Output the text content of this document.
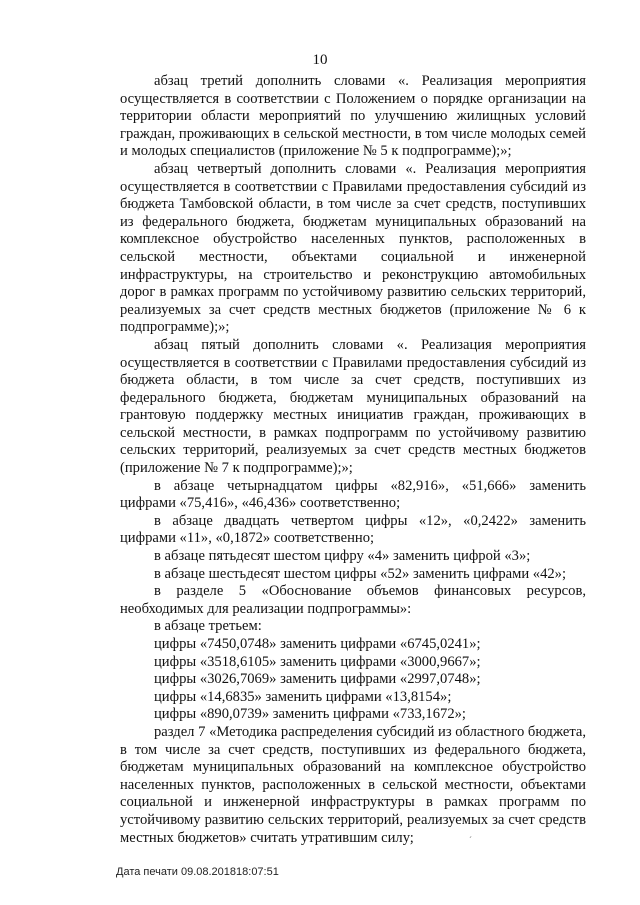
10

абзац третий дополнить словами «. Реализация мероприятия осуществляется в соответствии с Положением о порядке организации на территории области мероприятий по улучшению жилищных условий граждан, проживающих в сельской местности, в том числе молодых семей и молодых специалистов (приложение № 5 к подпрограмме);»;

абзац четвертый дополнить словами «. Реализация мероприятия осуществляется в соответствии с Правилами предоставления субсидий из бюджета Тамбовской области, в том числе за счет средств, поступивших из федерального бюджета, бюджетам муниципальных образований на комплексное обустройство населенных пунктов, расположенных в сельской местности, объектами социальной и инженерной инфраструктуры, на строительство и реконструкцию автомобильных дорог в рамках программ по устойчивому развитию сельских территорий, реализуемых за счет средств местных бюджетов (приложение № 6 к подпрограмме);»;

абзац пятый дополнить словами «. Реализация мероприятия осуществляется в соответствии с Правилами предоставления субсидий из бюджета области, в том числе за счет средств, поступивших из федерального бюджета, бюджетам муниципальных образований на грантовую поддержку местных инициатив граждан, проживающих в сельской местности, в рамках подпрограмм по устойчивому развитию сельских территорий, реализуемых за счет средств местных бюджетов (приложение № 7 к подпрограмме);»;

в абзаце четырнадцатом цифры «82,916», «51,666» заменить цифрами «75,416», «46,436» соответственно;

в абзаце двадцать четвертом цифры «12», «0,2422» заменить цифрами «11», «0,1872» соответственно;

в абзаце пятьдесят шестом цифру «4» заменить цифрой «3»;

в абзаце шестьдесят шестом цифры «52» заменить цифрами «42»;

в разделе 5 «Обоснование объемов финансовых ресурсов, необходимых для реализации подпрограммы»:

в абзаце третьем:

цифры «7450,0748» заменить цифрами «6745,0241»;

цифры «3518,6105» заменить цифрами «3000,9667»;

цифры «3026,7069» заменить цифрами «2997,0748»;

цифры «14,6835» заменить цифрами «13,8154»;

цифры «890,0739» заменить цифрами «733,1672»;

раздел 7 «Методика распределения субсидий из областного бюджета, в том числе за счет средств, поступивших из федерального бюджета, бюджетам муниципальных образований на комплексное обустройство населенных пунктов, расположенных в сельской местности, объектами социальной и инженерной инфраструктуры в рамках программ по устойчивому развитию сельских территорий, реализуемых за счет средств местных бюджетов» считать утратившим силу;	´
Дата печати 09.08.201818:07:51
